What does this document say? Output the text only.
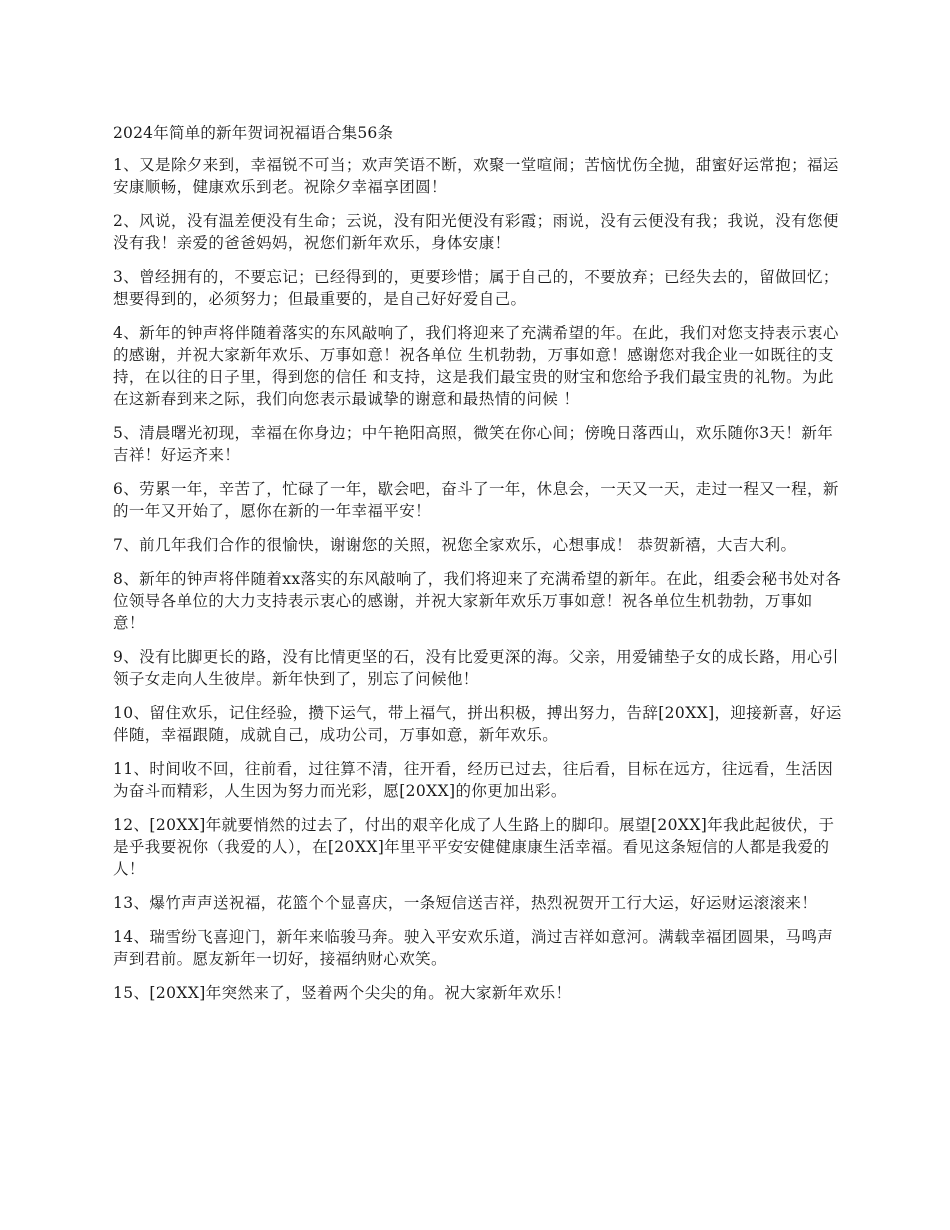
2024年简单的新年贺词祝福语合集56条

1、又是除夕来到，幸福锐不可当；欢声笑语不断，欢聚一堂喧闹；苦恼忧伤全抛，甜蜜好运常抱；福运安康顺畅，健康欢乐到老。祝除夕幸福享团圆！

2、风说，没有温差便没有生命；云说，没有阳光便没有彩霞；雨说，没有云便没有我；我说，没有您便没有我！亲爱的爸爸妈妈，祝您们新年欢乐，身体安康！

3、曾经拥有的，不要忘记；已经得到的，更要珍惜；属于自己的，不要放弃；已经失去的，留做回忆；想要得到的，必须努力；但最重要的，是自己好好爱自己。

4、新年的钟声将伴随着落实的东风敲响了，我们将迎来了充满希望的年。在此，我们对您支持表示衷心的感谢，并祝大家新年欢乐、万事如意！祝各单位 生机勃勃，万事如意！感谢您对我企业一如既往的支持，在以往的日子里，得到您的信任 和支持，这是我们最宝贵的财宝和您给予我们最宝贵的礼物。为此在这新春到来之际，我们向您表示最诚挚的谢意和最热情的问候 ！

5、清晨曙光初现，幸福在你身边；中午艳阳高照，微笑在你心间；傍晚日落西山，欢乐随你3天！新年吉祥！好运齐来！

6、劳累一年，辛苦了，忙碌了一年，歇会吧，奋斗了一年，休息会，一天又一天，走过一程又一程，新的一年又开始了，愿你在新的一年幸福平安！

7、前几年我们合作的很愉快，谢谢您的关照，祝您全家欢乐，心想事成！ 恭贺新禧，大吉大利。

8、新年的钟声将伴随着xx落实的东风敲响了，我们将迎来了充满希望的新年。在此，组委会秘书处对各位领导各单位的大力支持表示衷心的感谢，并祝大家新年欢乐万事如意！祝各单位生机勃勃，万事如意！

9、没有比脚更长的路，没有比情更坚的石，没有比爱更深的海。父亲，用爱铺垫子女的成长路，用心引领子女走向人生彼岸。新年快到了，别忘了问候他！

10、留住欢乐，记住经验，攒下运气，带上福气，拼出积极，搏出努力，告辞[20XX]，迎接新喜，好运伴随，幸福跟随，成就自己，成功公司，万事如意，新年欢乐。

11、时间收不回，往前看，过往算不清，往开看，经历已过去，往后看，目标在远方，往远看，生活因为奋斗而精彩，人生因为努力而光彩，愿[20XX]的你更加出彩。

12、[20XX]年就要悄然的过去了，付出的艰辛化成了人生路上的脚印。展望[20XX]年我此起彼伏，于是乎我要祝你（我爱的人），在[20XX]年里平平安安健健康康生活幸福。看见这条短信的人都是我爱的人！

13、爆竹声声送祝福，花篮个个显喜庆，一条短信送吉祥，热烈祝贺开工行大运，好运财运滚滚来！

14、瑞雪纷飞喜迎门，新年来临骏马奔。驶入平安欢乐道，淌过吉祥如意河。满载幸福团圆果，马鸣声声到君前。愿友新年一切好，接福纳财心欢笑。

15、[20XX]年突然来了，竖着两个尖尖的角。祝大家新年欢乐！
